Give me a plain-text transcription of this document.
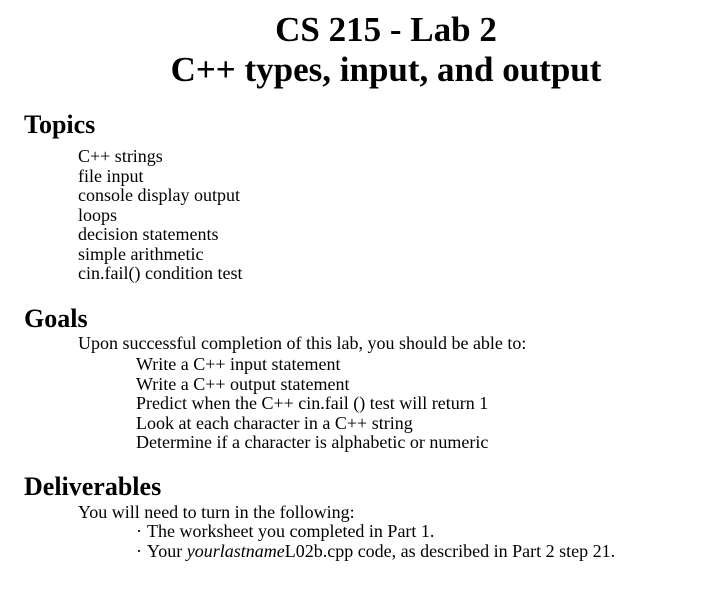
CS 215 - Lab 2
C++ types, input, and output
Topics
C++ strings
file input
console display output
loops
decision statements
simple arithmetic
cin.fail() condition test
Goals
Upon successful completion of this lab, you should be able to:
Write a C++ input statement
Write a C++ output statement
Predict when the C++ cin.fail () test will return 1
Look at each character in a C++ string
Determine if a character is alphabetic or numeric
Deliverables
You will need to turn in the following:
· The worksheet you completed in Part 1.
· Your yourlastnameL02b.cpp code, as described in Part 2 step 21.
